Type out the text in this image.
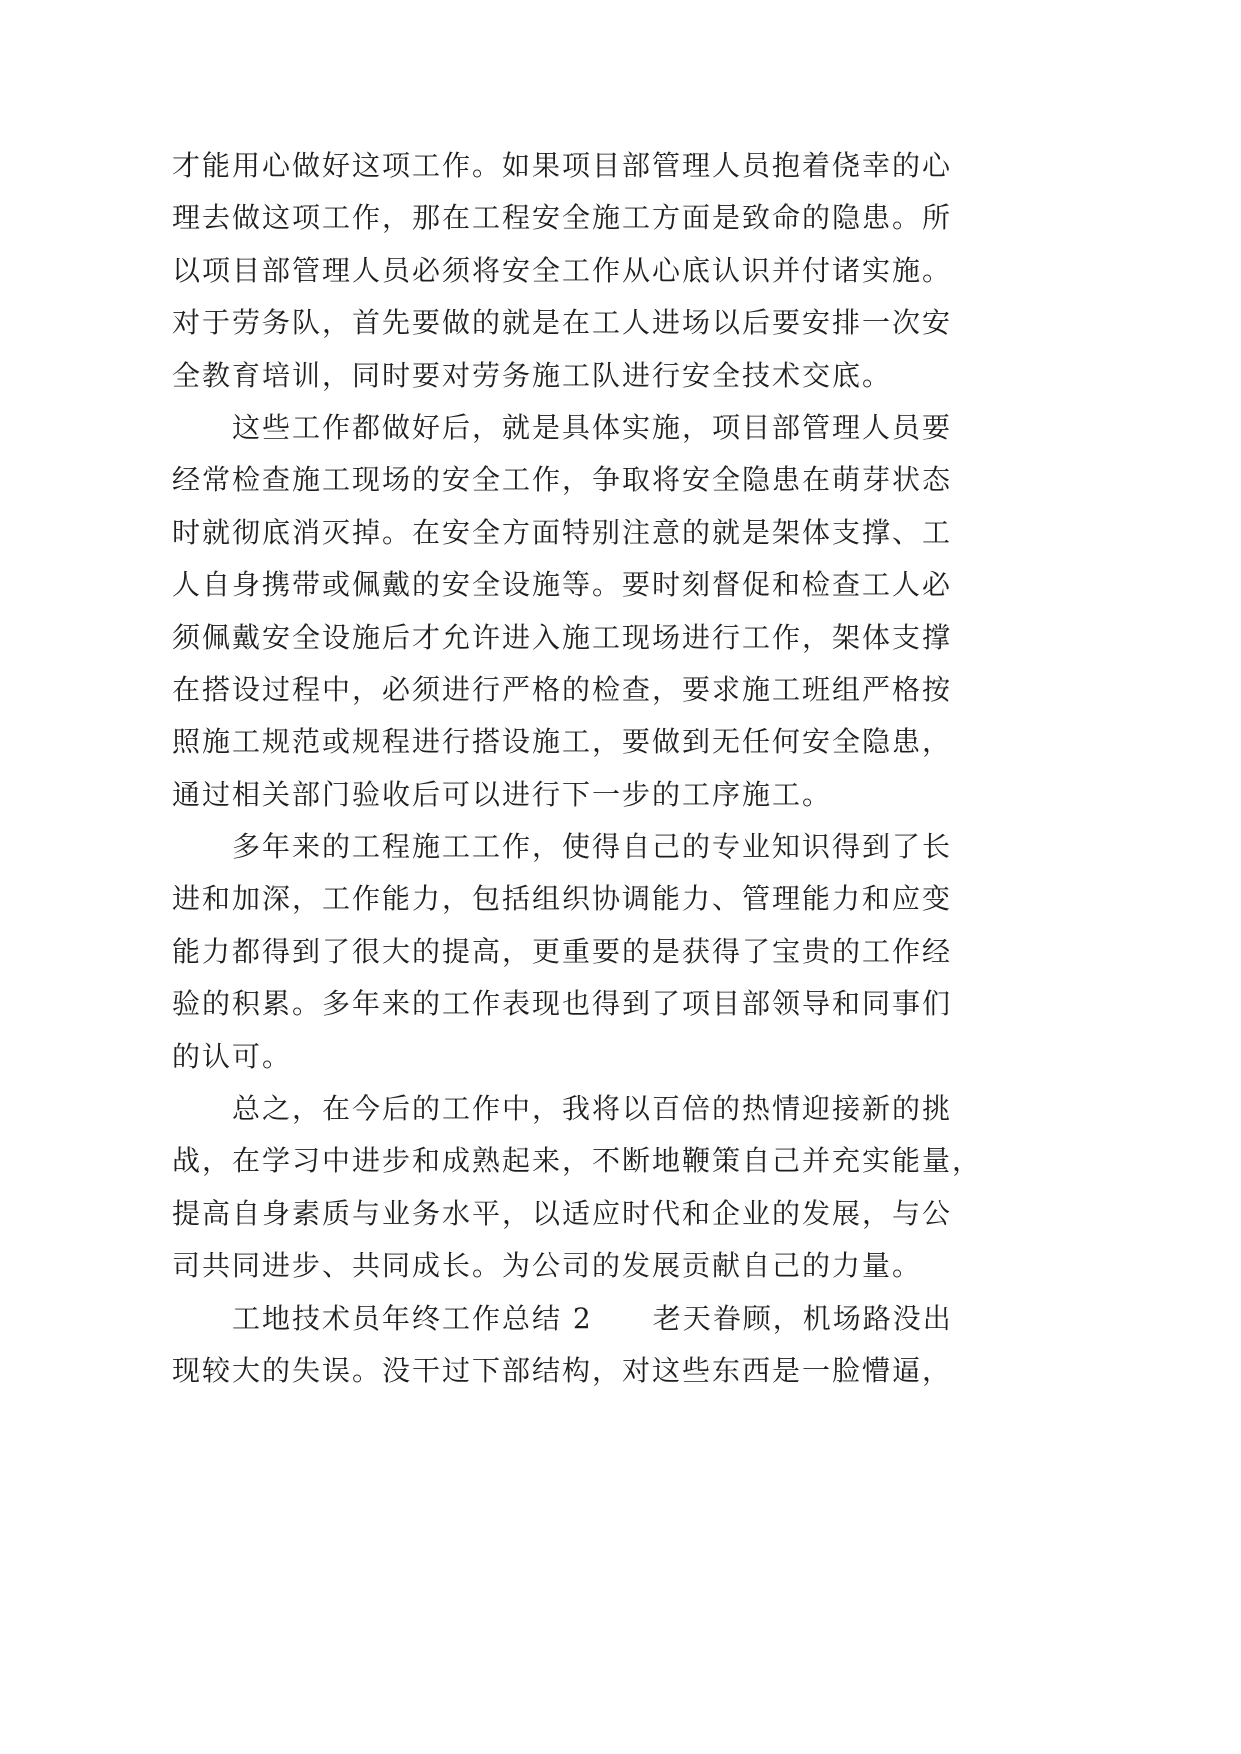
才能用心做好这项工作。如果项目部管理人员抱着侥幸的心
理去做这项工作，那在工程安全施工方面是致命的隐患。所
以项目部管理人员必须将安全工作从心底认识并付诸实施。
对于劳务队，首先要做的就是在工人进场以后要安排一次安
全教育培训，同时要对劳务施工队进行安全技术交底。
这些工作都做好后，就是具体实施，项目部管理人员要
经常检查施工现场的安全工作，争取将安全隐患在萌芽状态
时就彻底消灭掉。在安全方面特别注意的就是架体支撑、工
人自身携带或佩戴的安全设施等。要时刻督促和检查工人必
须佩戴安全设施后才允许进入施工现场进行工作，架体支撑
在搭设过程中，必须进行严格的检查，要求施工班组严格按
照施工规范或规程进行搭设施工，要做到无任何安全隐患，
通过相关部门验收后可以进行下一步的工序施工。
多年来的工程施工工作，使得自己的专业知识得到了长
进和加深，工作能力，包括组织协调能力、管理能力和应变
能力都得到了很大的提高，更重要的是获得了宝贵的工作经
验的积累。多年来的工作表现也得到了项目部领导和同事们
的认可。
总之，在今后的工作中，我将以百倍的热情迎接新的挑
战，在学习中进步和成熟起来，不断地鞭策自己并充实能量，
提高自身素质与业务水平，以适应时代和企业的发展，与公
司共同进步、共同成长。为公司的发展贡献自己的力量。
工地技术员年终工作总结 2　　老天眷顾，机场路没出
现较大的失误。没干过下部结构，对这些东西是一脸懵逼，
